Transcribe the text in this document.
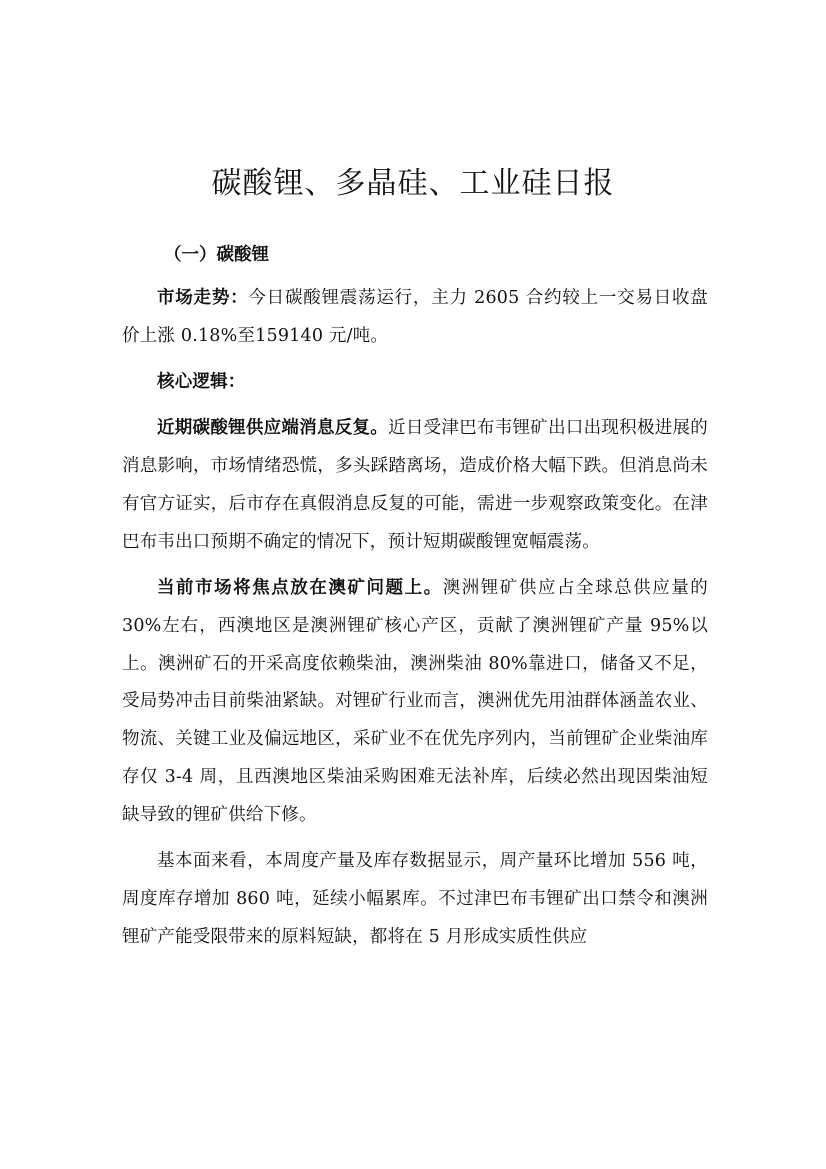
碳酸锂、多晶硅、工业硅日报
（一）碳酸锂

市场走势：今日碳酸锂震荡运行，主力 2605 合约较上一交易日收盘价上涨 0.18%至159140 元/吨。

核心逻辑：

近期碳酸锂供应端消息反复。近日受津巴布韦锂矿出口出现积极进展的消息影响，市场情绪恐慌，多头踩踏离场，造成价格大幅下跌。但消息尚未有官方证实，后市存在真假消息反复的可能，需进一步观察政策变化。在津巴布韦出口预期不确定的情况下，预计短期碳酸锂宽幅震荡。

当前市场将焦点放在澳矿问题上。澳洲锂矿供应占全球总供应量的 30%左右，西澳地区是澳洲锂矿核心产区，贡献了澳洲锂矿产量 95%以上。澳洲矿石的开采高度依赖柴油，澳洲柴油 80%靠进口，储备又不足，受局势冲击目前柴油紧缺。对锂矿行业而言，澳洲优先用油群体涵盖农业、物流、关键工业及偏远地区，采矿业不在优先序列内，当前锂矿企业柴油库存仅 3-4 周，且西澳地区柴油采购困难无法补库，后续必然出现因柴油短缺导致的锂矿供给下修。

基本面来看，本周度产量及库存数据显示，周产量环比增加 556 吨，周度库存增加 860 吨，延续小幅累库。不过津巴布韦锂矿出口禁令和澳洲锂矿产能受限带来的原料短缺，都将在 5 月形成实质性供应
